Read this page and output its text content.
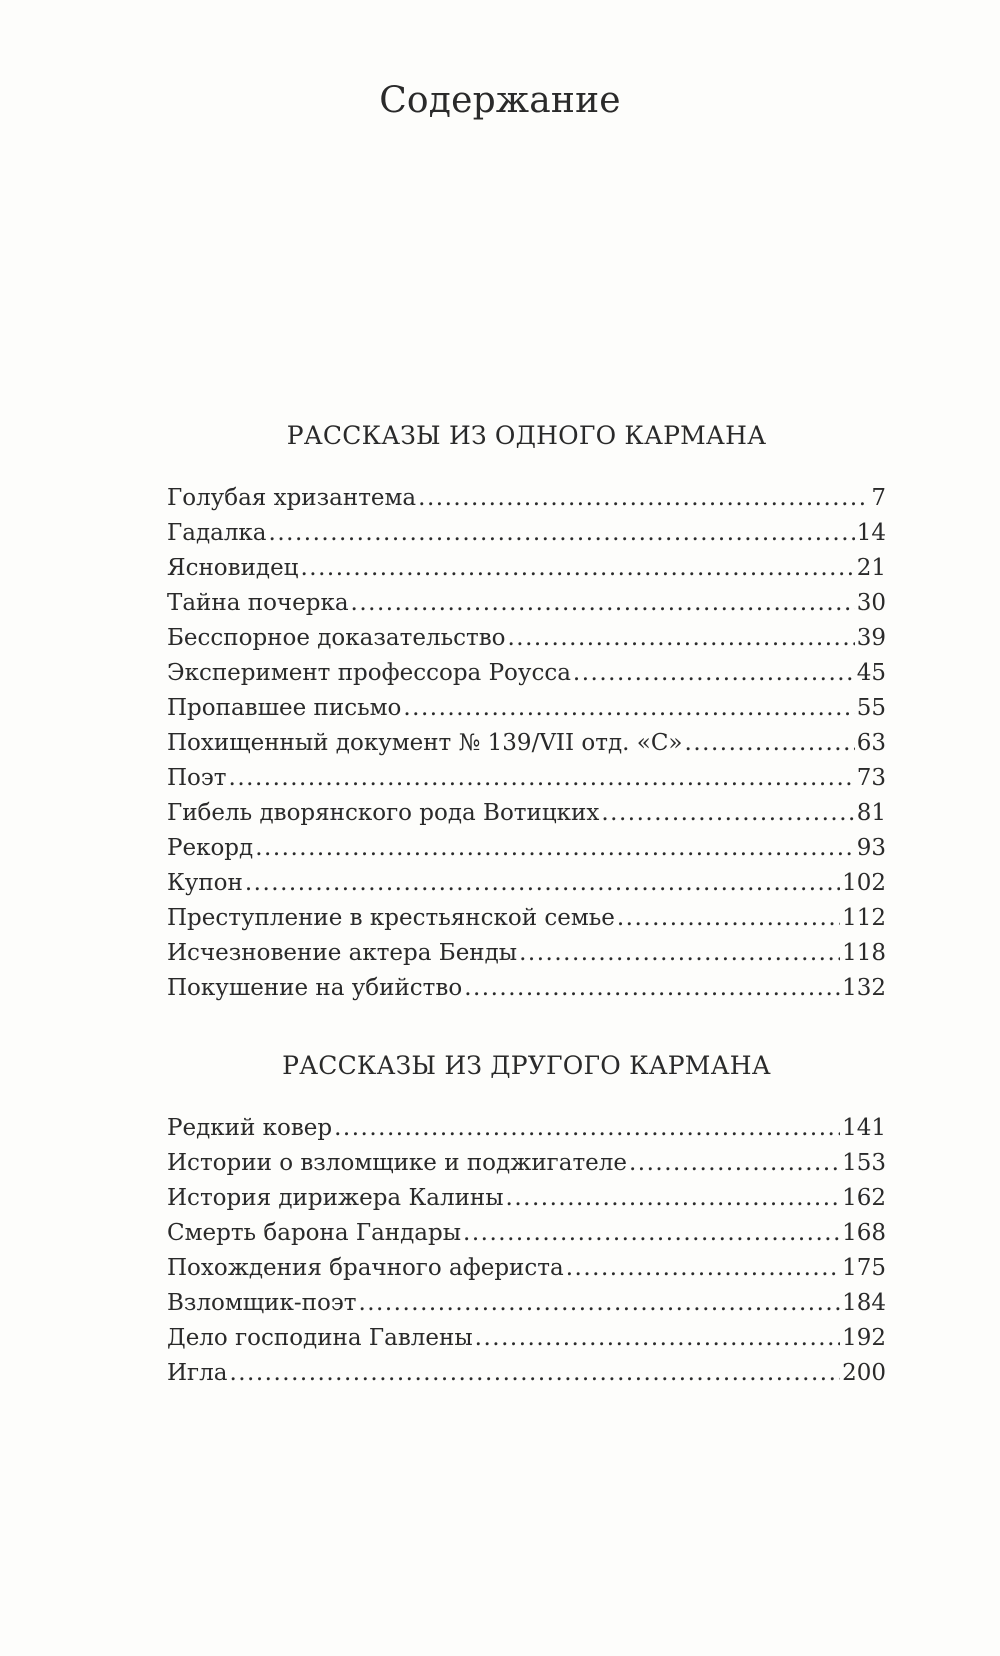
Содержание
РАССКАЗЫ ИЗ ОДНОГО КАРМАНА
Голубая хризантема .....	7
Гадалка .....	14
Ясновидец .....	21
Тайна почерка .....	30
Бесспорное доказательство .....	39
Эксперимент профессора Роусса .....	45
Пропавшее письмо .....	55
Похищенный документ № 139/VII отд. «С» .....	63
Поэт .....	73
Гибель дворянского рода Вотицких .....	81
Рекорд .....	93
Купон .....	102
Преступление в крестьянской семье .....	112
Исчезновение актера Бенды .....	118
Покушение на убийство .....	132
РАССКАЗЫ ИЗ ДРУГОГО КАРМАНА
Редкий ковер .....	141
Истории о взломщике и поджигателе .....	153
История дирижера Калины .....	162
Смерть барона Гандары .....	168
Похождения брачного афериста .....	175
Взломщик-поэт .....	184
Дело господина Гавлены .....	192
Игла .....	200
